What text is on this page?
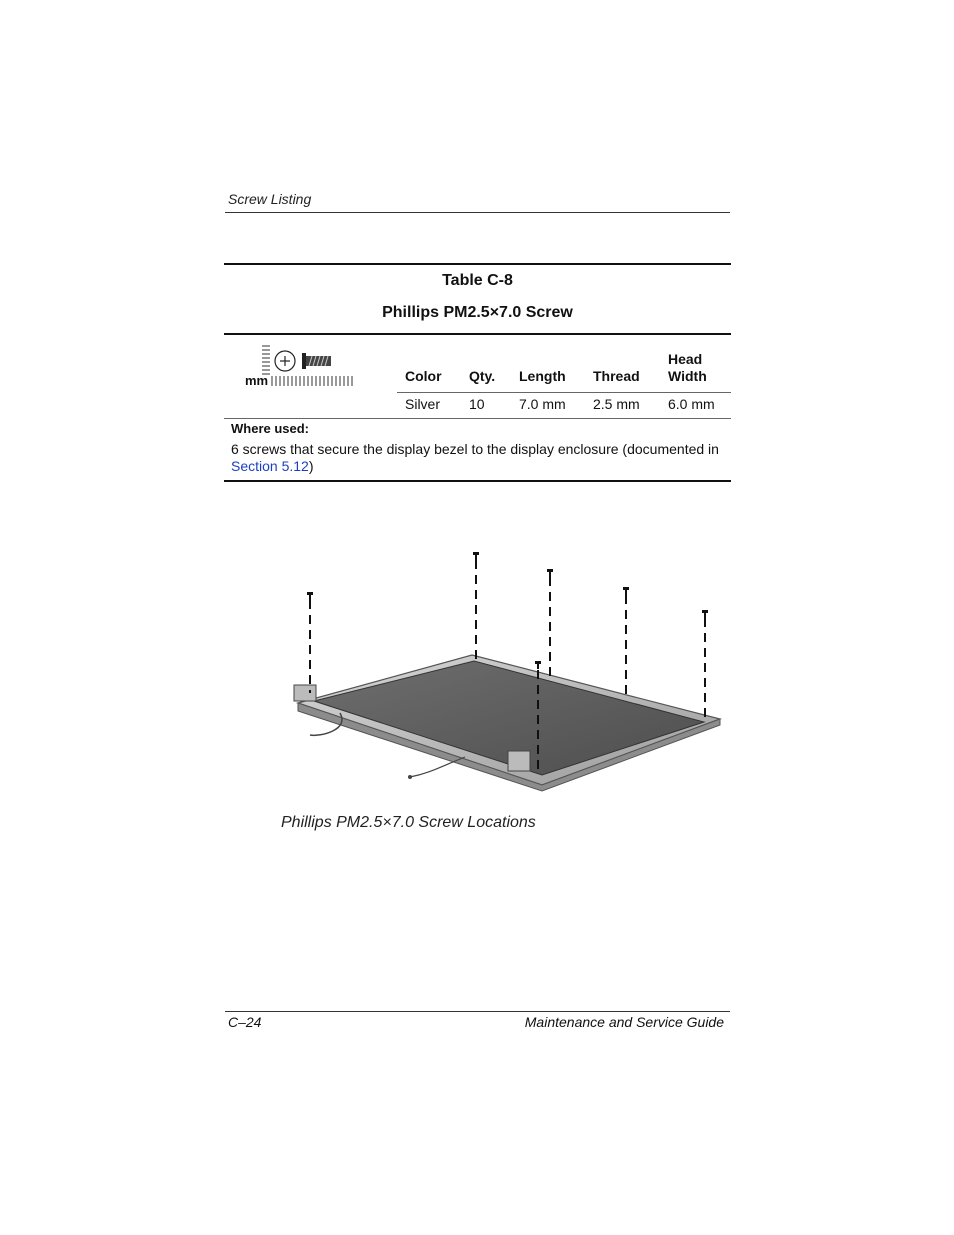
Screw Listing
Table C-8
Phillips PM2.5×7.0 Screw
mm	Color Qty. Length Thread
Head
Width
Silver 10 7.0 mm 2.5 mm 6.0 mm
Where used:
6 screws that secure the display bezel to the display enclosure (documented in
Section 5.12)
Phillips PM2.5×7.0 Screw Locations
C–24	Maintenance and Service Guide
